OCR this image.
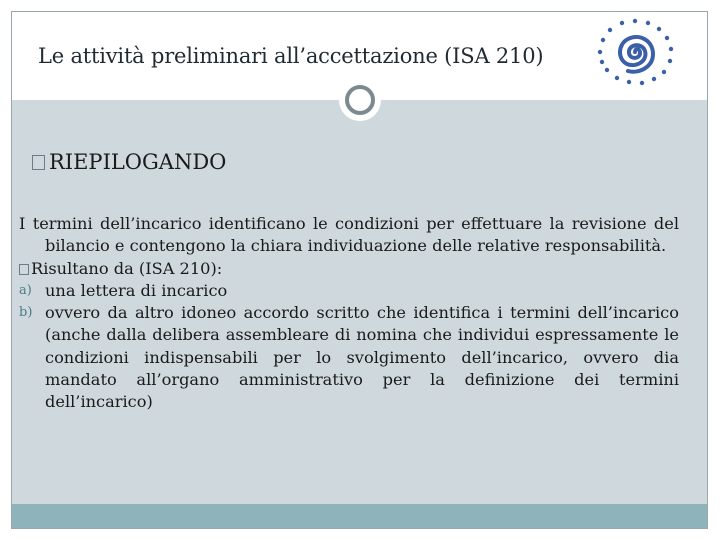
Le attività preliminari all’accettazione (ISA 210)
RIEPILOGANDO

I termini dell’incarico identificano le condizioni per effettuare la revisione del bilancio e contengono la chiara individuazione delle relative responsabilità.

Risultano da (ISA 210):

a) una lettera di incarico
b) ovvero da altro idoneo accordo scritto che identifica i termini dell’incarico (anche dalla delibera assembleare di nomina che individui espressamente le condizioni indispensabili per lo svolgimento dell’incarico, ovvero dia mandato all’organo amministrativo per la definizione dei termini dell’incarico)
